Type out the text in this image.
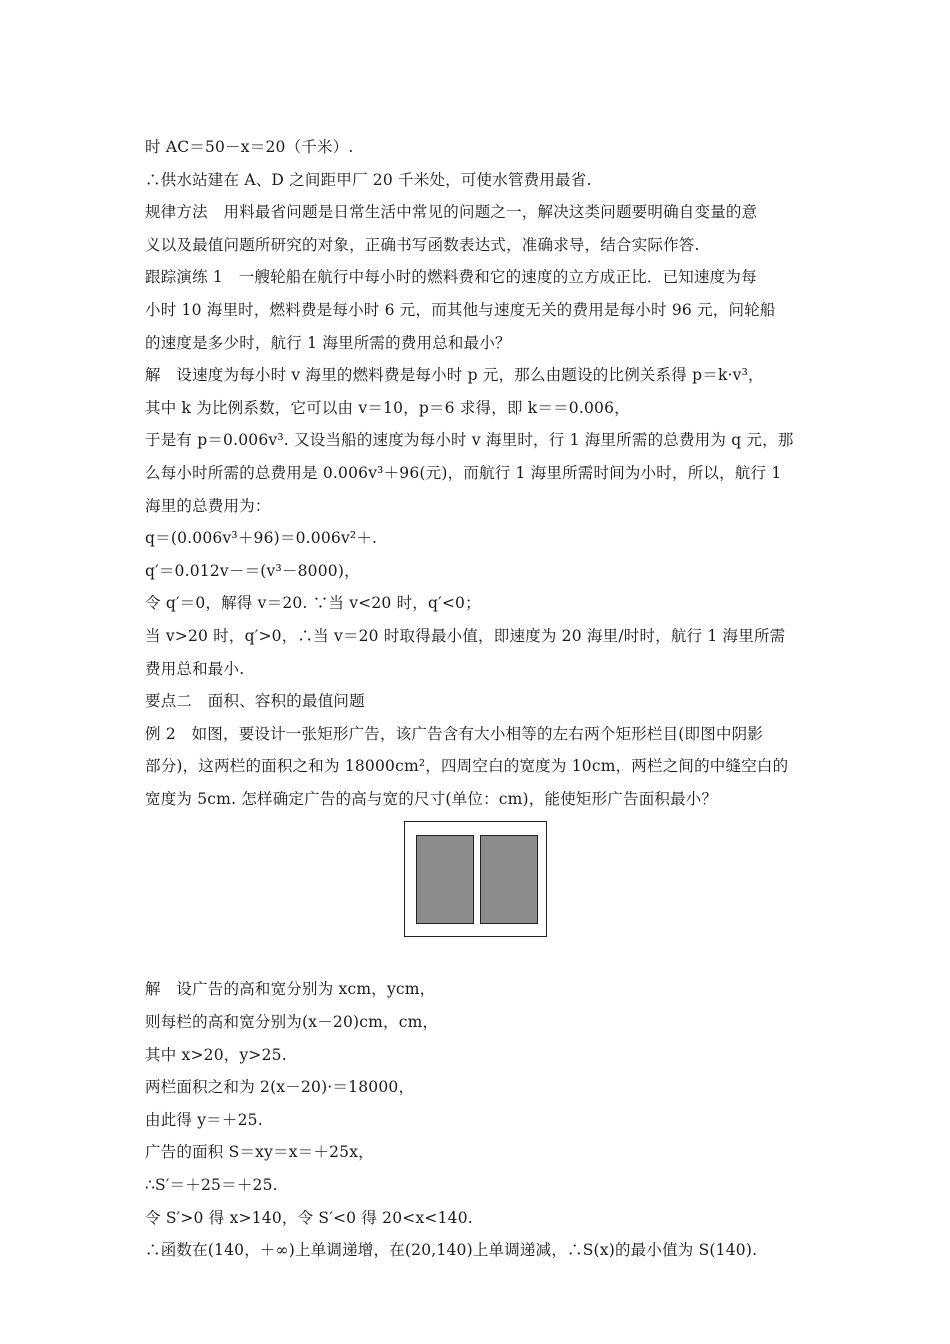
时 AC＝50－x＝20（千米）.
∴供水站建在 A、D 之间距甲厂 20 千米处，可使水管费用最省.
规律方法　用料最省问题是日常生活中常见的问题之一，解决这类问题要明确自变量的意
义以及最值问题所研究的对象，正确书写函数表达式，准确求导，结合实际作答.
跟踪演练 1　一艘轮船在航行中每小时的燃料费和它的速度的立方成正比．已知速度为每
小时 10 海里时，燃料费是每小时 6 元，而其他与速度无关的费用是每小时 96 元，问轮船
的速度是多少时，航行 1 海里所需的费用总和最小？
解　设速度为每小时 v 海里的燃料费是每小时 p 元，那么由题设的比例关系得 p＝k·v³，
其中 k 为比例系数，它可以由 v＝10，p＝6 求得，即 k＝＝0.006，
于是有 p＝0.006v³. 又设当船的速度为每小时 v 海里时，行 1 海里所需的总费用为 q 元，那
么每小时所需的总费用是 0.006v³＋96(元)，而航行 1 海里所需时间为小时，所以，航行 1
海里的总费用为：
q＝(0.006v³＋96)＝0.006v²＋.
q′＝0.012v－＝(v³－8000)，
令 q′＝0，解得 v＝20. ∵当 v<20 时，q′<0；
当 v>20 时，q′>0，∴当 v＝20 时取得最小值，即速度为 20 海里/时时，航行 1 海里所需
费用总和最小.
要点二　面积、容积的最值问题
例 2　如图，要设计一张矩形广告，该广告含有大小相等的左右两个矩形栏目(即图中阴影
部分)，这两栏的面积之和为 18000cm²，四周空白的宽度为 10cm，两栏之间的中缝空白的
宽度为 5cm. 怎样确定广告的高与宽的尺寸(单位：cm)，能使矩形广告面积最小？
解　设广告的高和宽分别为 xcm，ycm，
则每栏的高和宽分别为(x－20)cm，cm，
其中 x>20，y>25.
两栏面积之和为 2(x－20)·＝18000，
由此得 y＝＋25.
广告的面积 S＝xy＝x＝＋25x，
∴S′＝＋25＝＋25.
令 S′>0 得 x>140，令 S′<0 得 20<x<140.
∴函数在(140，＋∞)上单调递增，在(20,140)上单调递减，∴S(x)的最小值为 S(140).
